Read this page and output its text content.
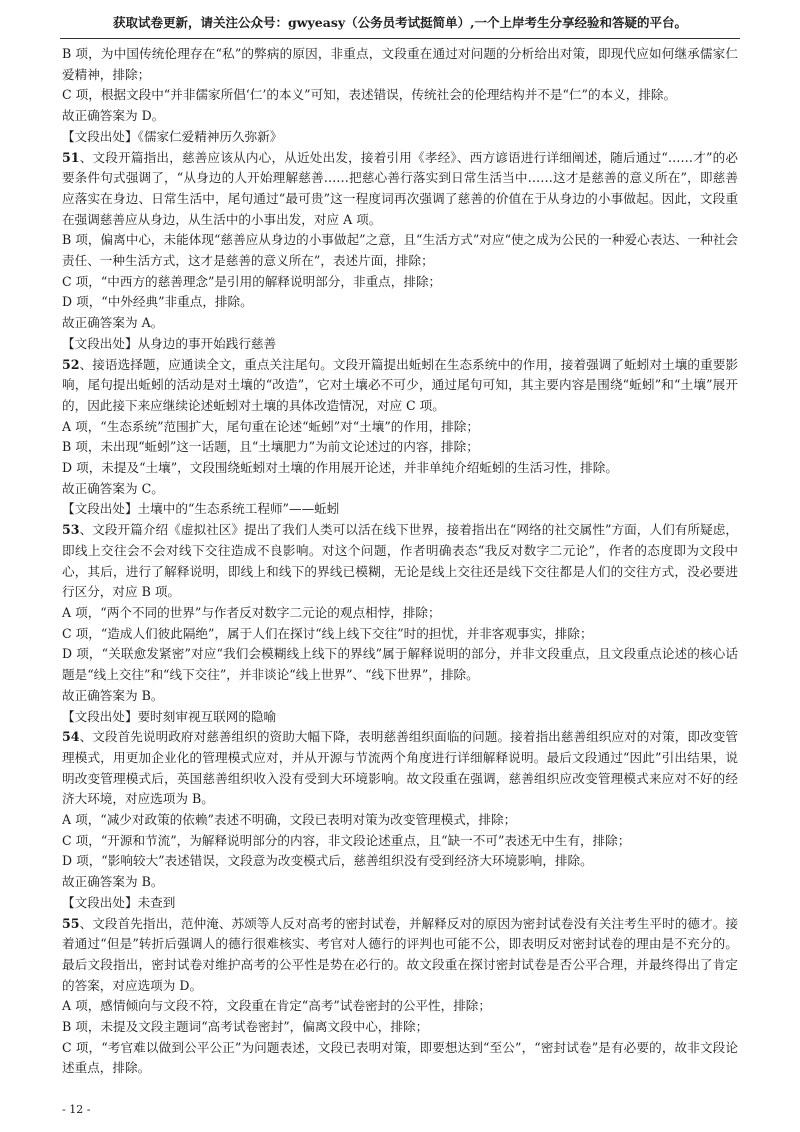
获取试卷更新，请关注公众号：gwyeasy（公务员考试挺简单）,一个上岸考生分享经验和答疑的平台。

B 项，为中国传统伦理存在“私”的弊病的原因，非重点，文段重在通过对问题的分析给出对策，即现代应如何继承儒家仁爱精神，排除；

C 项，根据文段中“并非儒家所倡‘仁’的本义”可知，表述错误，传统社会的伦理结构并不是“仁”的本义，排除。

故正确答案为 D。

【文段出处】《儒家仁爱精神历久弥新》

51、文段开篇指出，慈善应该从内心，从近处出发，接着引用《孝经》、西方谚语进行详细阐述，随后通过“……才”的必要条件句式强调了，“从身边的人开始理解慈善……把慈心善行落实到日常生活当中……这才是慈善的意义所在”，即慈善应落实在身边、日常生活中，尾句通过“最可贵”这一程度词再次强调了慈善的价值在于从身边的小事做起。因此，文段重在强调慈善应从身边，从生活中的小事出发，对应 A 项。

B 项，偏离中心，未能体现“慈善应从身边的小事做起”之意，且“生活方式”对应“使之成为公民的一种爱心表达、一种社会责任、一种生活方式，这才是慈善的意义所在”，表述片面，排除；

C 项，“中西方的慈善理念”是引用的解释说明部分，非重点，排除；

D 项，“中外经典”非重点，排除。

故正确答案为 A。

【文段出处】从身边的事开始践行慈善

52、接语选择题，应通读全文，重点关注尾句。文段开篇提出蚯蚓在生态系统中的作用，接着强调了蚯蚓对土壤的重要影响，尾句提出蚯蚓的活动是对土壤的“改造”，它对土壤必不可少，通过尾句可知，其主要内容是围绕“蚯蚓”和“土壤”展开的，因此接下来应继续论述蚯蚓对土壤的具体改造情况，对应 C 项。

A 项，“生态系统”范围扩大，尾句重在论述“蚯蚓”对“土壤”的作用，排除；

B 项，未出现“蚯蚓”这一话题，且“土壤肥力”为前文论述过的内容，排除；

D 项，未提及“土壤”，文段围绕蚯蚓对土壤的作用展开论述，并非单纯介绍蚯蚓的生活习性，排除。

故正确答案为 C。

【文段出处】土壤中的“生态系统工程师”——蚯蚓

53、文段开篇介绍《虚拟社区》提出了我们人类可以活在线下世界，接着指出在“网络的社交属性”方面，人们有所疑虑，即线上交往会不会对线下交往造成不良影响。对这个问题，作者明确表态“我反对数字二元论”，作者的态度即为文段中心，其后，进行了解释说明，即线上和线下的界线已模糊，无论是线上交往还是线下交往都是人们的交往方式，没必要进行区分，对应 B 项。

A 项，“两个不同的世界”与作者反对数字二元论的观点相悖，排除；

C 项，“造成人们彼此隔绝”，属于人们在探讨“线上线下交往”时的担忧，并非客观事实，排除；

D 项，“关联愈发紧密”对应“我们会模糊线上线下的界线”属于解释说明的部分，并非文段重点，且文段重点论述的核心话题是“线上交往”和“线下交往”，并非谈论“线上世界”、“线下世界”，排除。

故正确答案为 B。

【文段出处】要时刻审视互联网的隐喻

54、文段首先说明政府对慈善组织的资助大幅下降，表明慈善组织面临的问题。接着指出慈善组织应对的对策，即改变管理模式，用更加企业化的管理模式应对，并从开源与节流两个角度进行详细解释说明。最后文段通过“因此”引出结果，说明改变管理模式后，英国慈善组织收入没有受到大环境影响。故文段重在强调，慈善组织应改变管理模式来应对不好的经济大环境，对应选项为 B。

A 项，“减少对政策的依赖”表述不明确，文段已表明对策为改变管理模式，排除；

C 项，“开源和节流”，为解释说明部分的内容，非文段论述重点，且“缺一不可”表述无中生有，排除；

D 项，“影响较大”表述错误，文段意为改变模式后，慈善组织没有受到经济大环境影响，排除。

故正确答案为 B。

【文段出处】未查到

55、文段首先指出，范仲淹、苏颂等人反对高考的密封试卷，并解释反对的原因为密封试卷没有关注考生平时的德才。接着通过“但是”转折后强调人的德行很难核实、考官对人德行的评判也可能不公，即表明反对密封试卷的理由是不充分的。最后文段指出，密封试卷对维护高考的公平性是势在必行的。故文段重在探讨密封试卷是否公平合理，并最终得出了肯定的答案，对应选项为 D。

A 项，感情倾向与文段不符，文段重在肯定“高考”试卷密封的公平性，排除；

B 项，未提及文段主题词“高考试卷密封”，偏离文段中心，排除；

C 项，“考官难以做到公平公正”为问题表述，文段已表明对策，即要想达到“至公”，“密封试卷”是有必要的，故非文段论述重点，排除。

- 12 -
